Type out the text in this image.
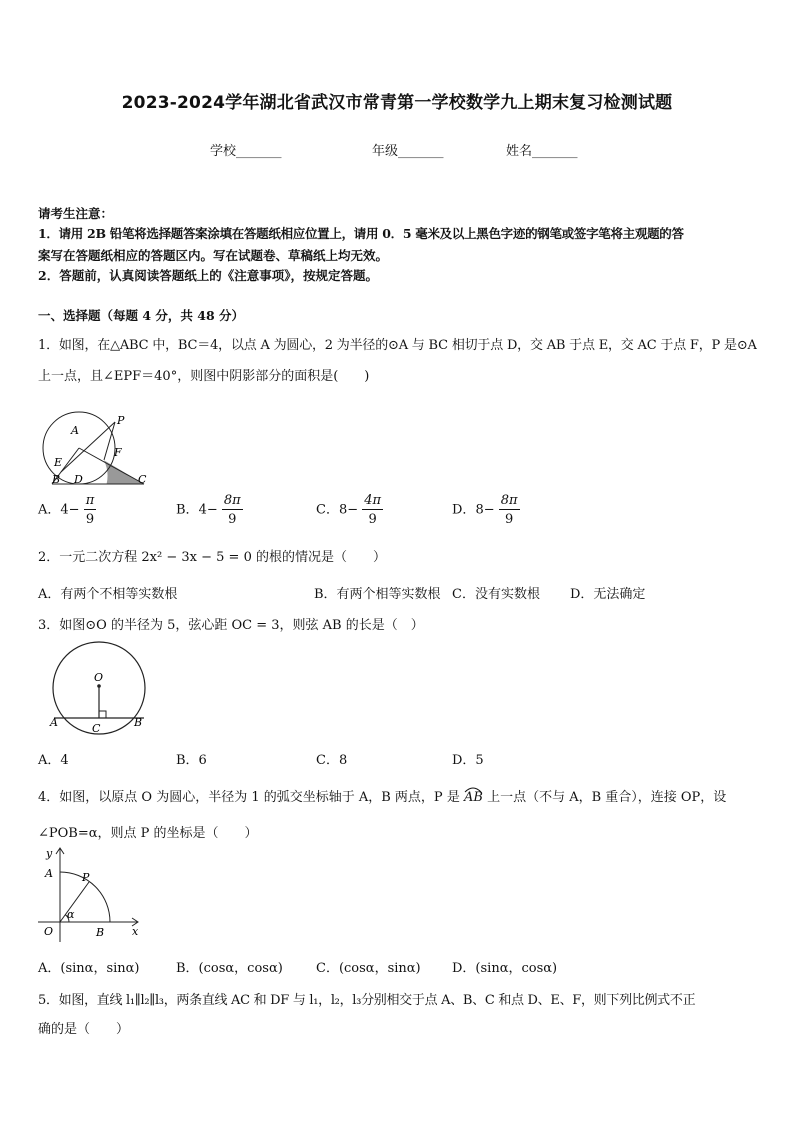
2023-2024学年湖北省武汉市常青第一学校数学九上期末复习检测试题
学校_______	年级_______	姓名_______
请考生注意：
1．请用 2B 铅笔将选择题答案涂填在答题纸相应位置上，请用 0．5 毫米及以上黑色字迹的钢笔或签字笔将主观题的答
案写在答题纸相应的答题区内。写在试题卷、草稿纸上均无效。
2．答题前，认真阅读答题纸上的《注意事项》，按规定答题。
一、选择题（每题 4 分，共 48 分）
1．如图，在△ABC 中，BC＝4，以点 A 为圆心，2 为半径的⊙A 与 BC 相切于点 D，交 AB 于点 E，交 AC 于点 F，P 是⊙A
上一点，且∠EPF＝40°，则图中阴影部分的面积是(　　)
A
P
E
F
B D	C
A．$4- \frac{\pi}{9}$	B．$4- \frac{8\pi}{9}$	C．$8- \frac{4\pi}{9}$	D．$8- \frac{8\pi}{9}$
2．一元二次方程 2x² − 3x − 5 = 0 的根的情况是（　　）
A．有两个不相等实数根	B．有两个相等实数根 C．没有实数根 D．无法确定
3．如图⊙O 的半径为 5，弦心距 OC = 3，则弦 AB 的长是（　）
O
A	C	B
A．4	B．6	C．8	D．5
4．如图，以原点 O 为圆心，半径为 1 的弧交坐标轴于 A，B 两点，P 是 AB 上一点（不与 A，B 重合），连接 OP，设
∠POB=α，则点 P 的坐标是（　　）
y
A	P
α
O	B	x
A．(sinα，sinα)	B．(cosα，cosα)	C．(cosα，sinα) D．(sinα，cosα)
5．如图，直线 l₁∥l₂∥l₃，两条直线 AC 和 DF 与 l₁，l₂，l₃分别相交于点 A、B、C 和点 D、E、F，则下列比例式不正
确的是（　　）
